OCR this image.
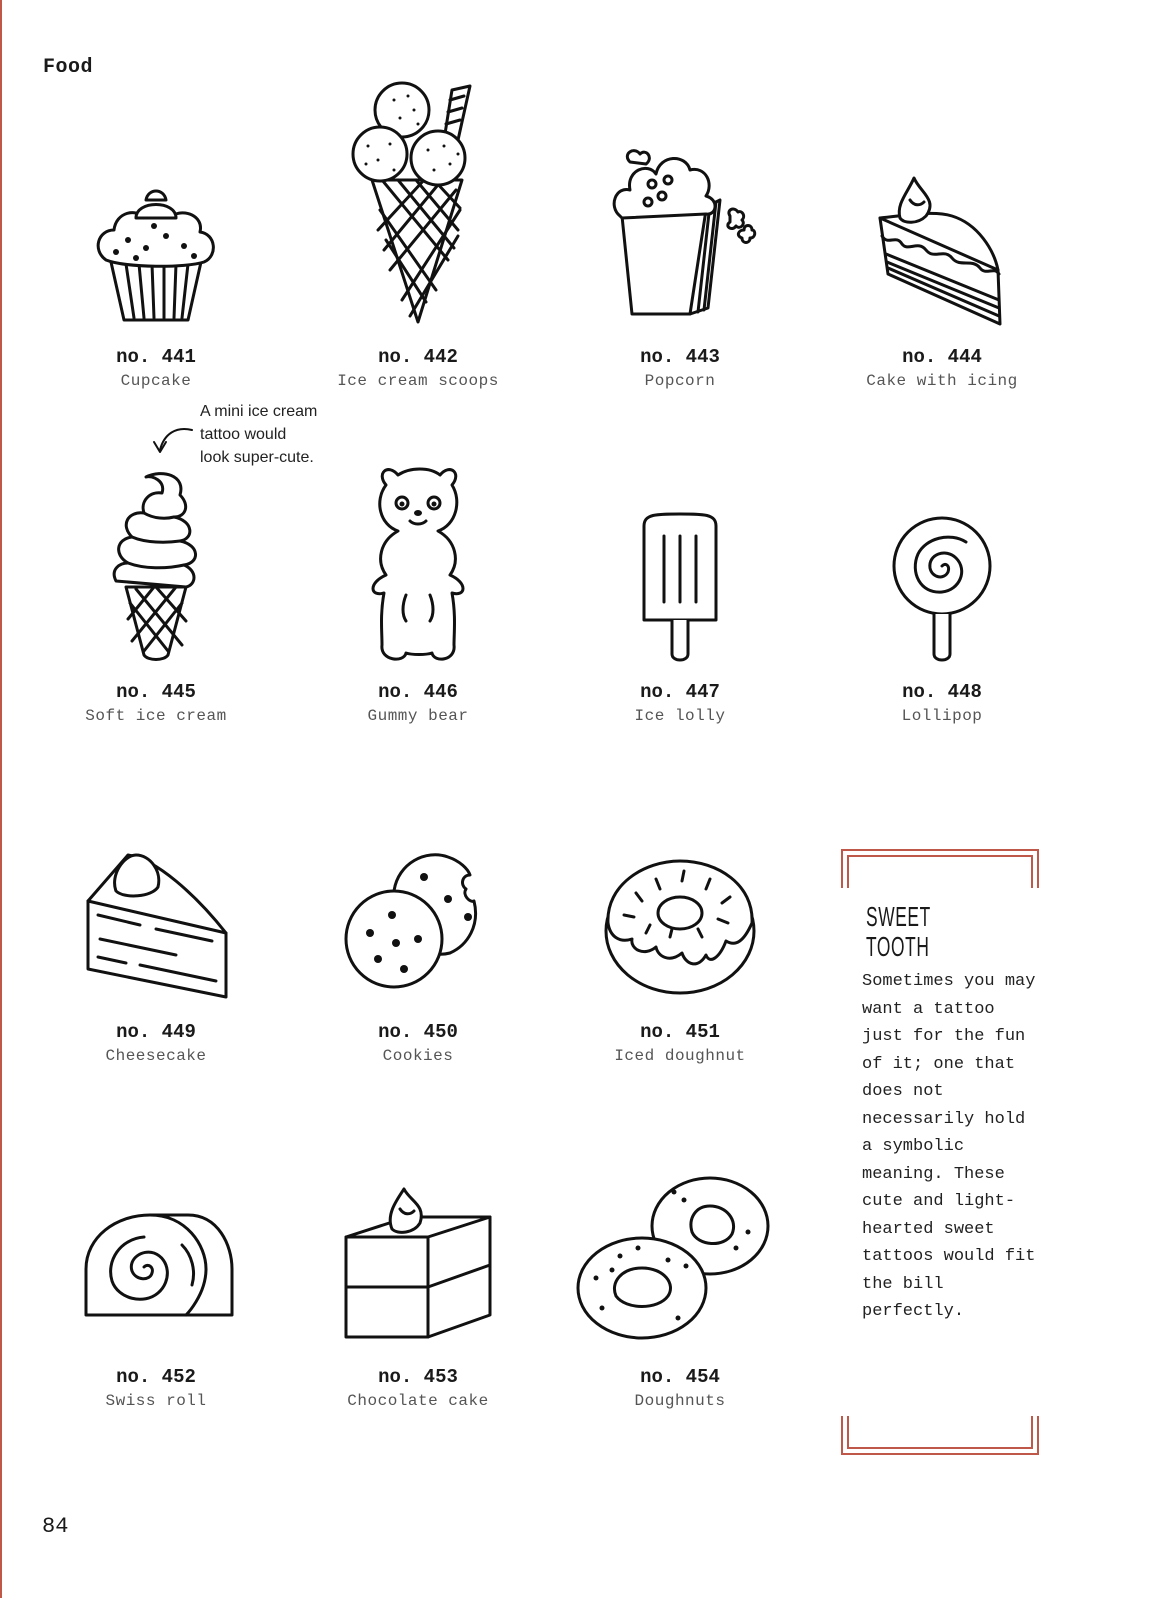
Food
no. 441
Cupcake
no. 442
Ice cream scoops
no. 443
Popcorn
no. 444
Cake with icing
A mini ice cream tattoo would look super-cute.
no. 445
Soft ice cream
no. 446
Gummy bear
no. 447
Ice lolly
no. 448
Lollipop
no. 449
Cheesecake
no. 450
Cookies
no. 451
Iced doughnut
no. 452
Swiss roll
no. 453
Chocolate cake
no. 454
Doughnuts
SWEET
TOOTH
Sometimes you may want a tattoo just for the fun of it; one that does not necessarily hold a symbolic meaning. These cute and light-hearted sweet tattoos would fit the bill perfectly.
84
